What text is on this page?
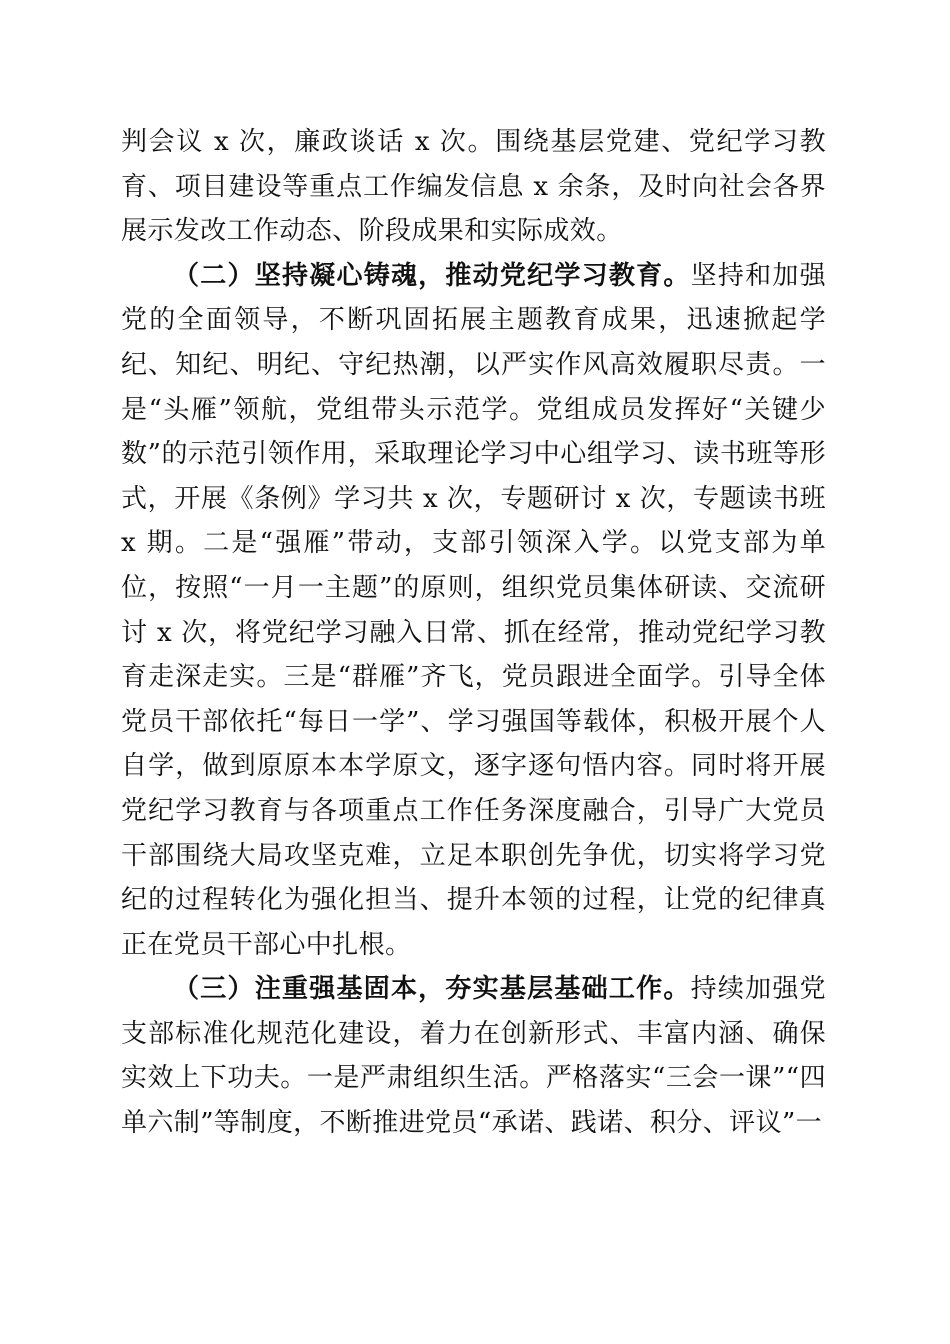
判会议 x 次，廉政谈话 x 次。围绕基层党建、党纪学习教育、项目建设等重点工作编发信息 x 余条，及时向社会各界展示发改工作动态、阶段成果和实际成效。

（二）坚持凝心铸魂，推动党纪学习教育。坚持和加强党的全面领导，不断巩固拓展主题教育成果，迅速掀起学纪、知纪、明纪、守纪热潮，以严实作风高效履职尽责。一是“头雁”领航，党组带头示范学。党组成员发挥好“关键少数”的示范引领作用，采取理论学习中心组学习、读书班等形式，开展《条例》学习共 x 次，专题研讨 x 次，专题读书班 x 期。二是“强雁”带动，支部引领深入学。以党支部为单位，按照“一月一主题”的原则，组织党员集体研读、交流研讨 x 次，将党纪学习融入日常、抓在经常，推动党纪学习教育走深走实。三是“群雁”齐飞，党员跟进全面学。引导全体党员干部依托“每日一学”、学习强国等载体，积极开展个人自学，做到原原本本学原文，逐字逐句悟内容。同时将开展党纪学习教育与各项重点工作任务深度融合，引导广大党员干部围绕大局攻坚克难，立足本职创先争优，切实将学习党纪的过程转化为强化担当、提升本领的过程，让党的纪律真正在党员干部心中扎根。

（三）注重强基固本，夯实基层基础工作。持续加强党支部标准化规范化建设，着力在创新形式、丰富内涵、确保实效上下功夫。一是严肃组织生活。严格落实“三会一课”“四单六制”等制度，不断推进党员“承诺、践诺、积分、评议”一
